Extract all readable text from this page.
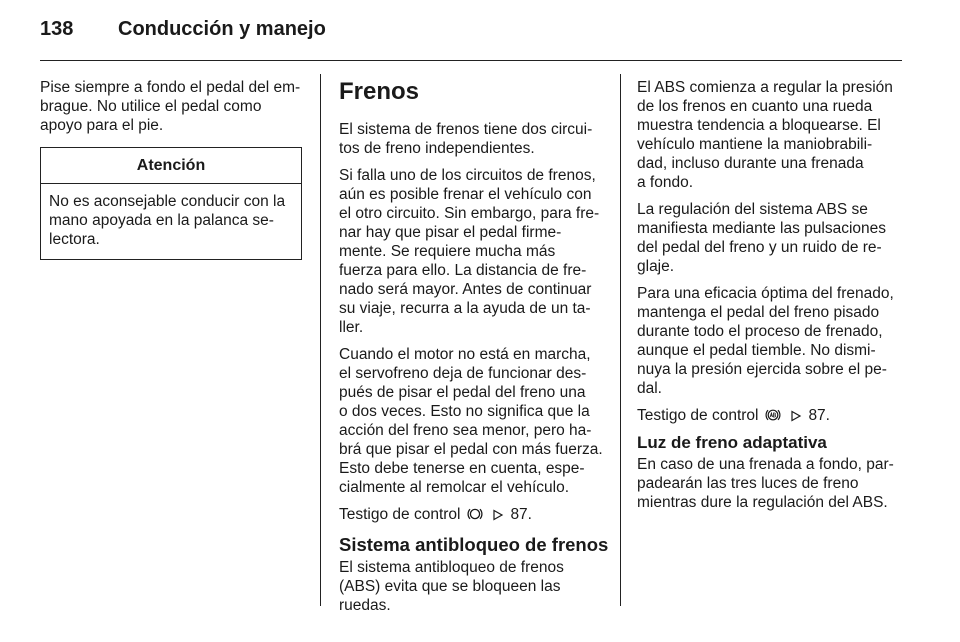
138 Conducción y manejo

Pise siempre a fondo el pedal del em-
brague. No utilice el pedal como
apoyo para el pie.

Atención
No es aconsejable conducir con la
mano apoyada en la palanca se-
lectora.
Frenos

El sistema de frenos tiene dos circui-
tos de freno independientes.

Si falla uno de los circuitos de frenos,
aún es posible frenar el vehículo con
el otro circuito. Sin embargo, para fre-
nar hay que pisar el pedal firme-
mente. Se requiere mucha más
fuerza para ello. La distancia de fre-
nado será mayor. Antes de continuar
su viaje, recurra a la ayuda de un ta-
ller.

Cuando el motor no está en marcha,
el servofreno deja de funcionar des-
pués de pisar el pedal del freno una
o dos veces. Esto no significa que la
acción del freno sea menor, pero ha-
brá que pisar el pedal con más fuerza.
Esto debe tenerse en cuenta, espe-
cialmente al remolcar el vehículo.

Testigo de control	87.

Sistema antibloqueo de frenos

El sistema antibloqueo de frenos
(ABS) evita que se bloqueen las
ruedas.

El ABS comienza a regular la presión
de los frenos en cuanto una rueda
muestra tendencia a bloquearse. El
vehículo mantiene la maniobrabili-
dad, incluso durante una frenada
a fondo.

La regulación del sistema ABS se
manifiesta mediante las pulsaciones
del pedal del freno y un ruido de re-
glaje.

Para una eficacia óptima del frenado,
mantenga el pedal del freno pisado
durante todo el proceso de frenado,
aunque el pedal tiemble. No dismi-
nuya la presión ejercida sobre el pe-
dal.

Testigo de control	87.

Luz de freno adaptativa

En caso de una frenada a fondo, par-
padearán las tres luces de freno
mientras dure la regulación del ABS.
